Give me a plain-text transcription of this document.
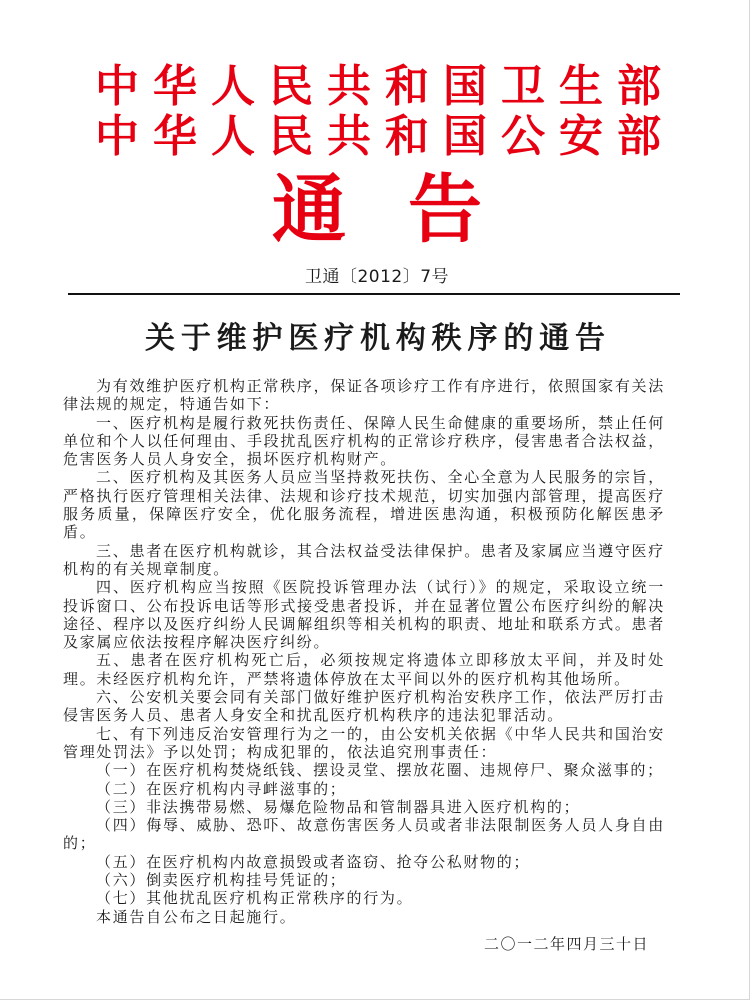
中华人民共和国卫生部
中华人民共和国公安部
通告
卫通〔2012〕7号
关于维护医疗机构秩序的通告

为有效维护医疗机构正常秩序，保证各项诊疗工作有序进行，依照国家有关法律法规的规定，特通告如下：

一、医疗机构是履行救死扶伤责任、保障人民生命健康的重要场所，禁止任何单位和个人以任何理由、手段扰乱医疗机构的正常诊疗秩序，侵害患者合法权益，危害医务人员人身安全，损坏医疗机构财产。

二、医疗机构及其医务人员应当坚持救死扶伤、全心全意为人民服务的宗旨，严格执行医疗管理相关法律、法规和诊疗技术规范，切实加强内部管理，提高医疗服务质量，保障医疗安全，优化服务流程，增进医患沟通，积极预防化解医患矛盾。

三、患者在医疗机构就诊，其合法权益受法律保护。患者及家属应当遵守医疗机构的有关规章制度。

四、医疗机构应当按照《医院投诉管理办法（试行）》的规定，采取设立统一投诉窗口、公布投诉电话等形式接受患者投诉，并在显著位置公布医疗纠纷的解决途径、程序以及医疗纠纷人民调解组织等相关机构的职责、地址和联系方式。患者及家属应依法按程序解决医疗纠纷。

五、患者在医疗机构死亡后，必须按规定将遗体立即移放太平间，并及时处理。未经医疗机构允许，严禁将遗体停放在太平间以外的医疗机构其他场所。

六、公安机关要会同有关部门做好维护医疗机构治安秩序工作，依法严厉打击侵害医务人员、患者人身安全和扰乱医疗机构秩序的违法犯罪活动。

七、有下列违反治安管理行为之一的，由公安机关依据《中华人民共和国治安管理处罚法》予以处罚；构成犯罪的，依法追究刑事责任：

（一）在医疗机构焚烧纸钱、摆设灵堂、摆放花圈、违规停尸、聚众滋事的；

（二）在医疗机构内寻衅滋事的；

（三）非法携带易燃、易爆危险物品和管制器具进入医疗机构的；

（四）侮辱、威胁、恐吓、故意伤害医务人员或者非法限制医务人员人身自由的；

（五）在医疗机构内故意损毁或者盗窃、抢夺公私财物的；

（六）倒卖医疗机构挂号凭证的；

（七）其他扰乱医疗机构正常秩序的行为。

本通告自公布之日起施行。

二〇一二年四月三十日
